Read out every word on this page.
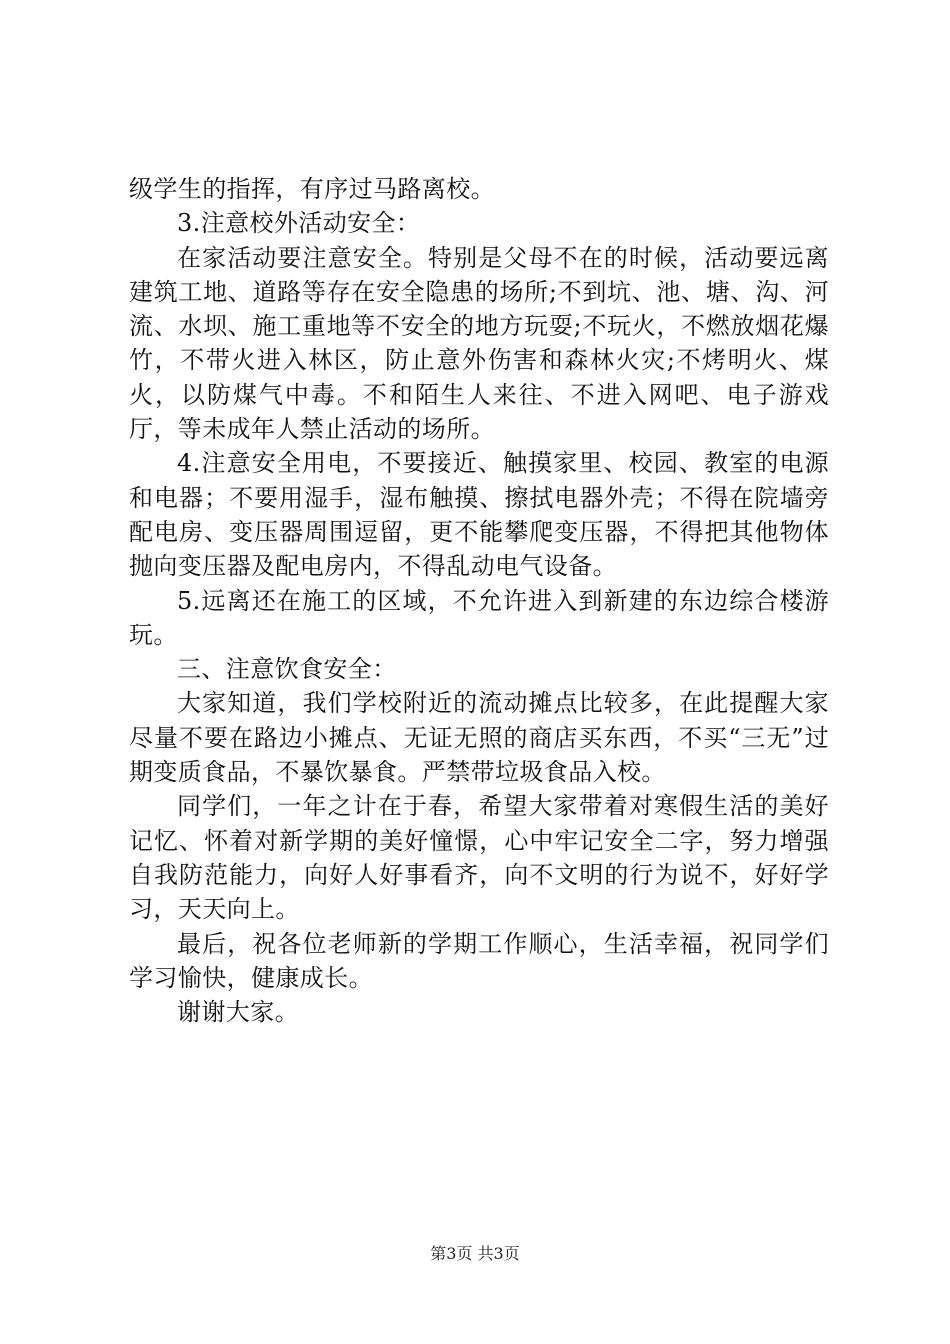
级学生的指挥，有序过马路离校。

3.注意校外活动安全：

在家活动要注意安全。特别是父母不在的时候，活动要远离建筑工地、道路等存在安全隐患的场所;不到坑、池、塘、沟、河流、水坝、施工重地等不安全的地方玩耍;不玩火，不燃放烟花爆竹，不带火进入林区，防止意外伤害和森林火灾;不烤明火、煤火，以防煤气中毒。不和陌生人来往、不进入网吧、电子游戏厅，等未成年人禁止活动的场所。

4.注意安全用电，不要接近、触摸家里、校园、教室的电源和电器；不要用湿手，湿布触摸、擦拭电器外壳；不得在院墙旁配电房、变压器周围逗留，更不能攀爬变压器，不得把其他物体抛向变压器及配电房内，不得乱动电气设备。

5.远离还在施工的区域，不允许进入到新建的东边综合楼游玩。

三、注意饮食安全：

大家知道，我们学校附近的流动摊点比较多，在此提醒大家尽量不要在路边小摊点、无证无照的商店买东西，不买“三无”过期变质食品，不暴饮暴食。严禁带垃圾食品入校。

同学们，一年之计在于春，希望大家带着对寒假生活的美好记忆、怀着对新学期的美好憧憬，心中牢记安全二字，努力增强自我防范能力，向好人好事看齐，向不文明的行为说不，好好学习，天天向上。

最后，祝各位老师新的学期工作顺心，生活幸福，祝同学们学习愉快，健康成长。

谢谢大家。

第3页 共3页
